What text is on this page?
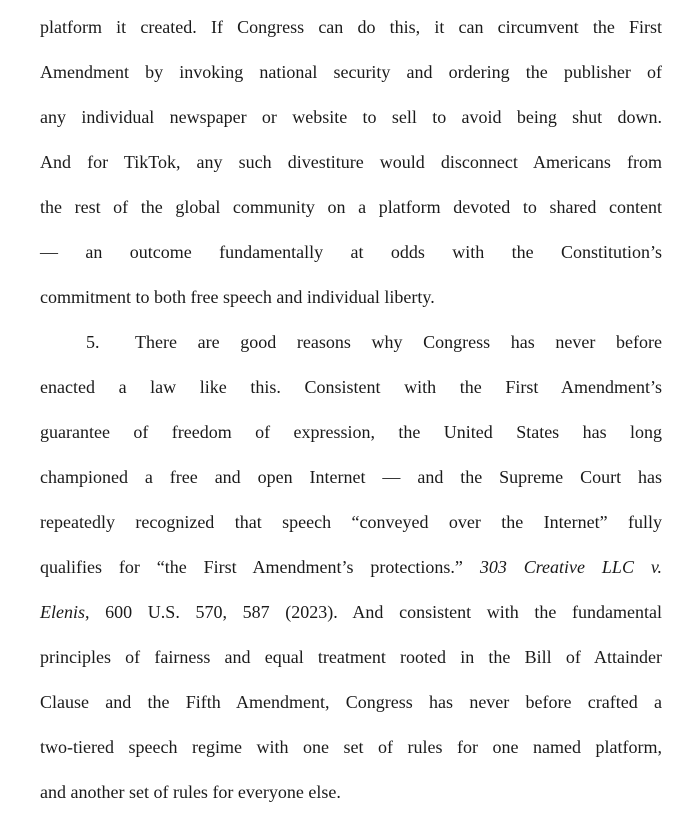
platform it created. If Congress can do this, it can circumvent the First
Amendment by invoking national security and ordering the publisher of
any individual newspaper or website to sell to avoid being shut down.
And for TikTok, any such divestiture would disconnect Americans from
the rest of the global community on a platform devoted to shared content
— an outcome fundamentally at odds with the Constitution’s
commitment to both free speech and individual liberty.
5. There are good reasons why Congress has never before
enacted a law like this. Consistent with the First Amendment’s
guarantee of freedom of expression, the United States has long
championed a free and open Internet — and the Supreme Court has
repeatedly recognized that speech “conveyed over the Internet” fully
qualifies for “the First Amendment’s protections.” 303 Creative LLC v.
Elenis, 600 U.S. 570, 587 (2023). And consistent with the fundamental
principles of fairness and equal treatment rooted in the Bill of Attainder
Clause and the Fifth Amendment, Congress has never before crafted a
two-tiered speech regime with one set of rules for one named platform,
and another set of rules for everyone else.
